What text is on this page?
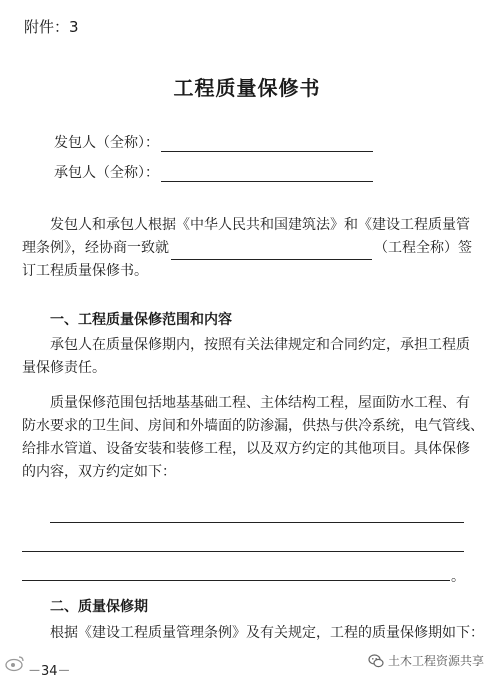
附件：3
工程质量保修书
发包人（全称）：
承包人（全称）：
发包人和承包人根据《中华人民共和国建筑法》和《建设工程质量管
理条例》，经协商一致就	（工程全称）签
订工程质量保修书。
一、工程质量保修范围和内容
承包人在质量保修期内，按照有关法律规定和合同约定，承担工程质
量保修责任。
质量保修范围包括地基基础工程、主体结构工程，屋面防水工程、有
防水要求的卫生间、房间和外墙面的防渗漏，供热与供冷系统，电气管线、
给排水管道、设备安装和装修工程，以及双方约定的其他项目。具体保修
的内容，双方约定如下：
。
二、质量保修期
根据《建设工程质量管理条例》及有关规定，工程的质量保修期如下：
－34－
土木工程资源共享
